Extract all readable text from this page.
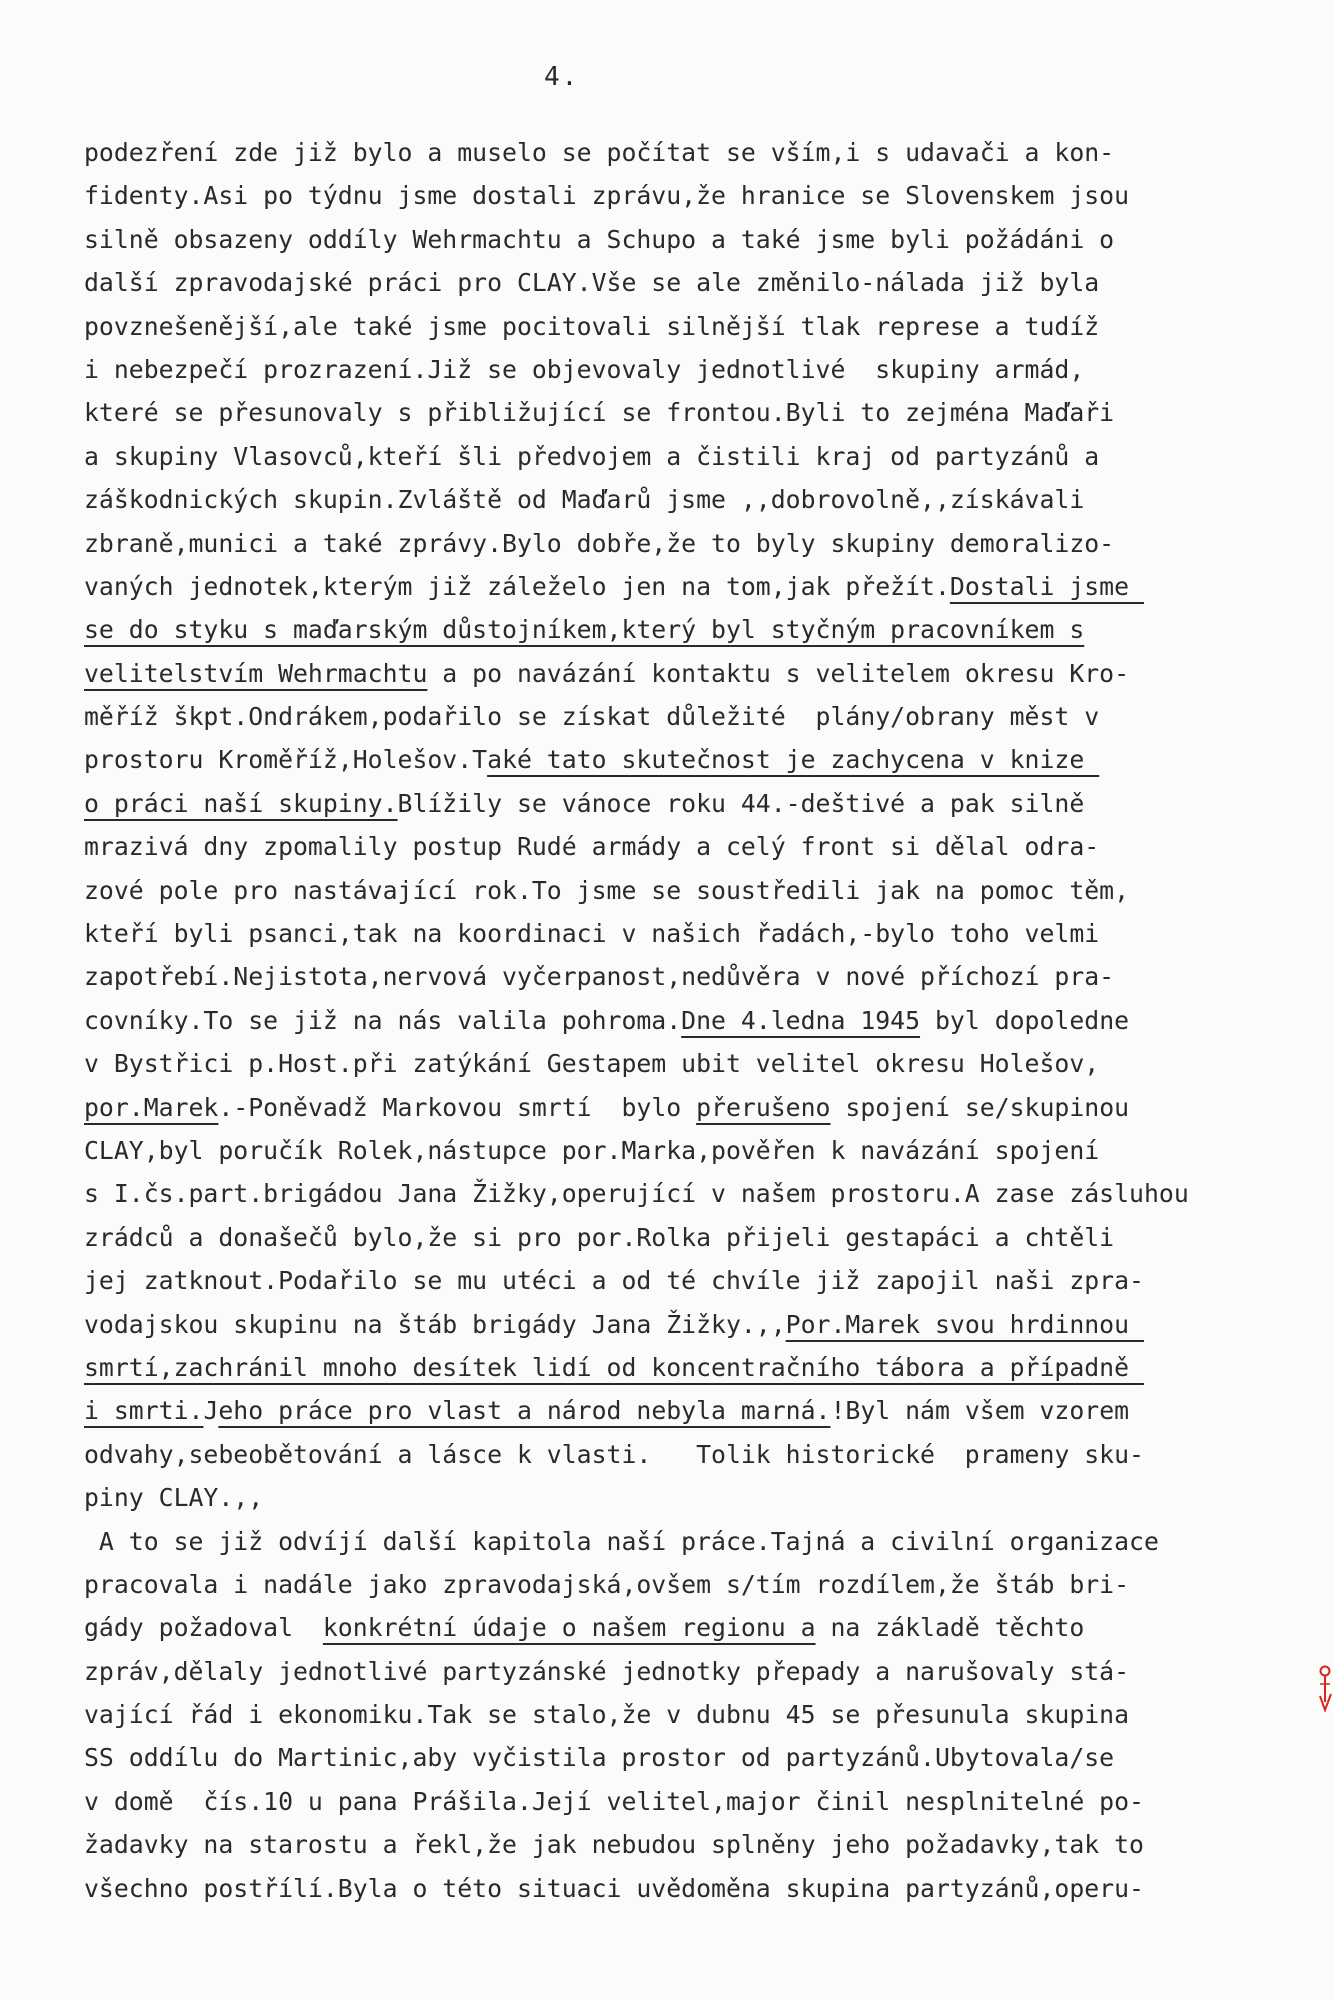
4.
podezření zde již bylo a muselo se počítat se vším,i s udavači a kon-
fidenty.Asi po týdnu jsme dostali zprávu,že hranice se Slovenskem jsou
silně obsazeny oddíly Wehrmachtu a Schupo a také jsme byli požádáni o
další zpravodajské práci pro CLAY.Vše se ale změnilo-nálada již byla
povznešenější,ale také jsme pocitovali silnější tlak represe a tudíž
i nebezpečí prozrazení.Již se objevovaly jednotlivé  skupiny armád,
které se přesunovaly s přibližující se frontou.Byli to zejména Maďaři
a skupiny Vlasovců,kteří šli předvojem a čistili kraj od partyzánů a
záškodnických skupin.Zvláště od Maďarů jsme ,,dobrovolně,,získávali
zbraně,munici a také zprávy.Bylo dobře,že to byly skupiny demoralizo-
vaných jednotek,kterým již záleželo jen na tom,jak přežít.Dostali jsme
se do styku s maďarským důstojníkem,který byl styčným pracovníkem s
velitelstvím Wehrmachtu a po navázání kontaktu s velitelem okresu Kro-
měříž škpt.Ondrákem,podařilo se získat důležité  plány/obrany měst v
prostoru Kroměříž,Holešov.Také tato skutečnost je zachycena v knize
o práci naší skupiny.Blížily se vánoce roku 44.-deštivé a pak silně
mrazivá dny zpomalily postup Rudé armády a celý front si dělal odra-
zové pole pro nastávající rok.To jsme se soustředili jak na pomoc těm,
kteří byli psanci,tak na koordinaci v našich řadách,-bylo toho velmi
zapotřebí.Nejistota,nervová vyčerpanost,nedůvěra v nové příchozí pra-
covníky.To se již na nás valila pohroma.Dne 4.ledna 1945 byl dopoledne
v Bystřici p.Host.při zatýkání Gestapem ubit velitel okresu Holešov,
por.Marek.-Poněvadž Markovou smrtí  bylo přerušeno spojení se/skupinou
CLAY,byl poručík Rolek,nástupce por.Marka,pověřen k navázání spojení
s I.čs.part.brigádou Jana Žižky,operující v našem prostoru.A zase zásluhou
zrádců a donašečů bylo,že si pro por.Rolka přijeli gestapáci a chtěli
jej zatknout.Podařilo se mu utéci a od té chvíle již zapojil naši zpra-
vodajskou skupinu na štáb brigády Jana Žižky.,,Por.Marek svou hrdinnou
smrtí,zachránil mnoho desítek lidí od koncentračního tábora a případně
i smrti.Jeho práce pro vlast a národ nebyla marná.!Byl nám všem vzorem
odvahy,sebeobětování a lásce k vlasti.   Tolik historické  prameny sku-
piny CLAY.,,
A to se již odvíjí další kapitola naší práce.Tajná a civilní organizace
pracovala i nadále jako zpravodajská,ovšem s/tím rozdílem,že štáb bri-
gády požadoval  konkrétní údaje o našem regionu a na základě těchto
zpráv,dělaly jednotlivé partyzánské jednotky přepady a narušovaly stá-
vající řád i ekonomiku.Tak se stalo,že v dubnu 45 se přesunula skupina
SS oddílu do Martinic,aby vyčistila prostor od partyzánů.Ubytovala/se
v domě  čís.10 u pana Prášila.Její velitel,major činil nesplnitelné po-
žadavky na starostu a řekl,že jak nebudou splněny jeho požadavky,tak to
všechno postřílí.Byla o této situaci uvědoměna skupina partyzánů,operu-
